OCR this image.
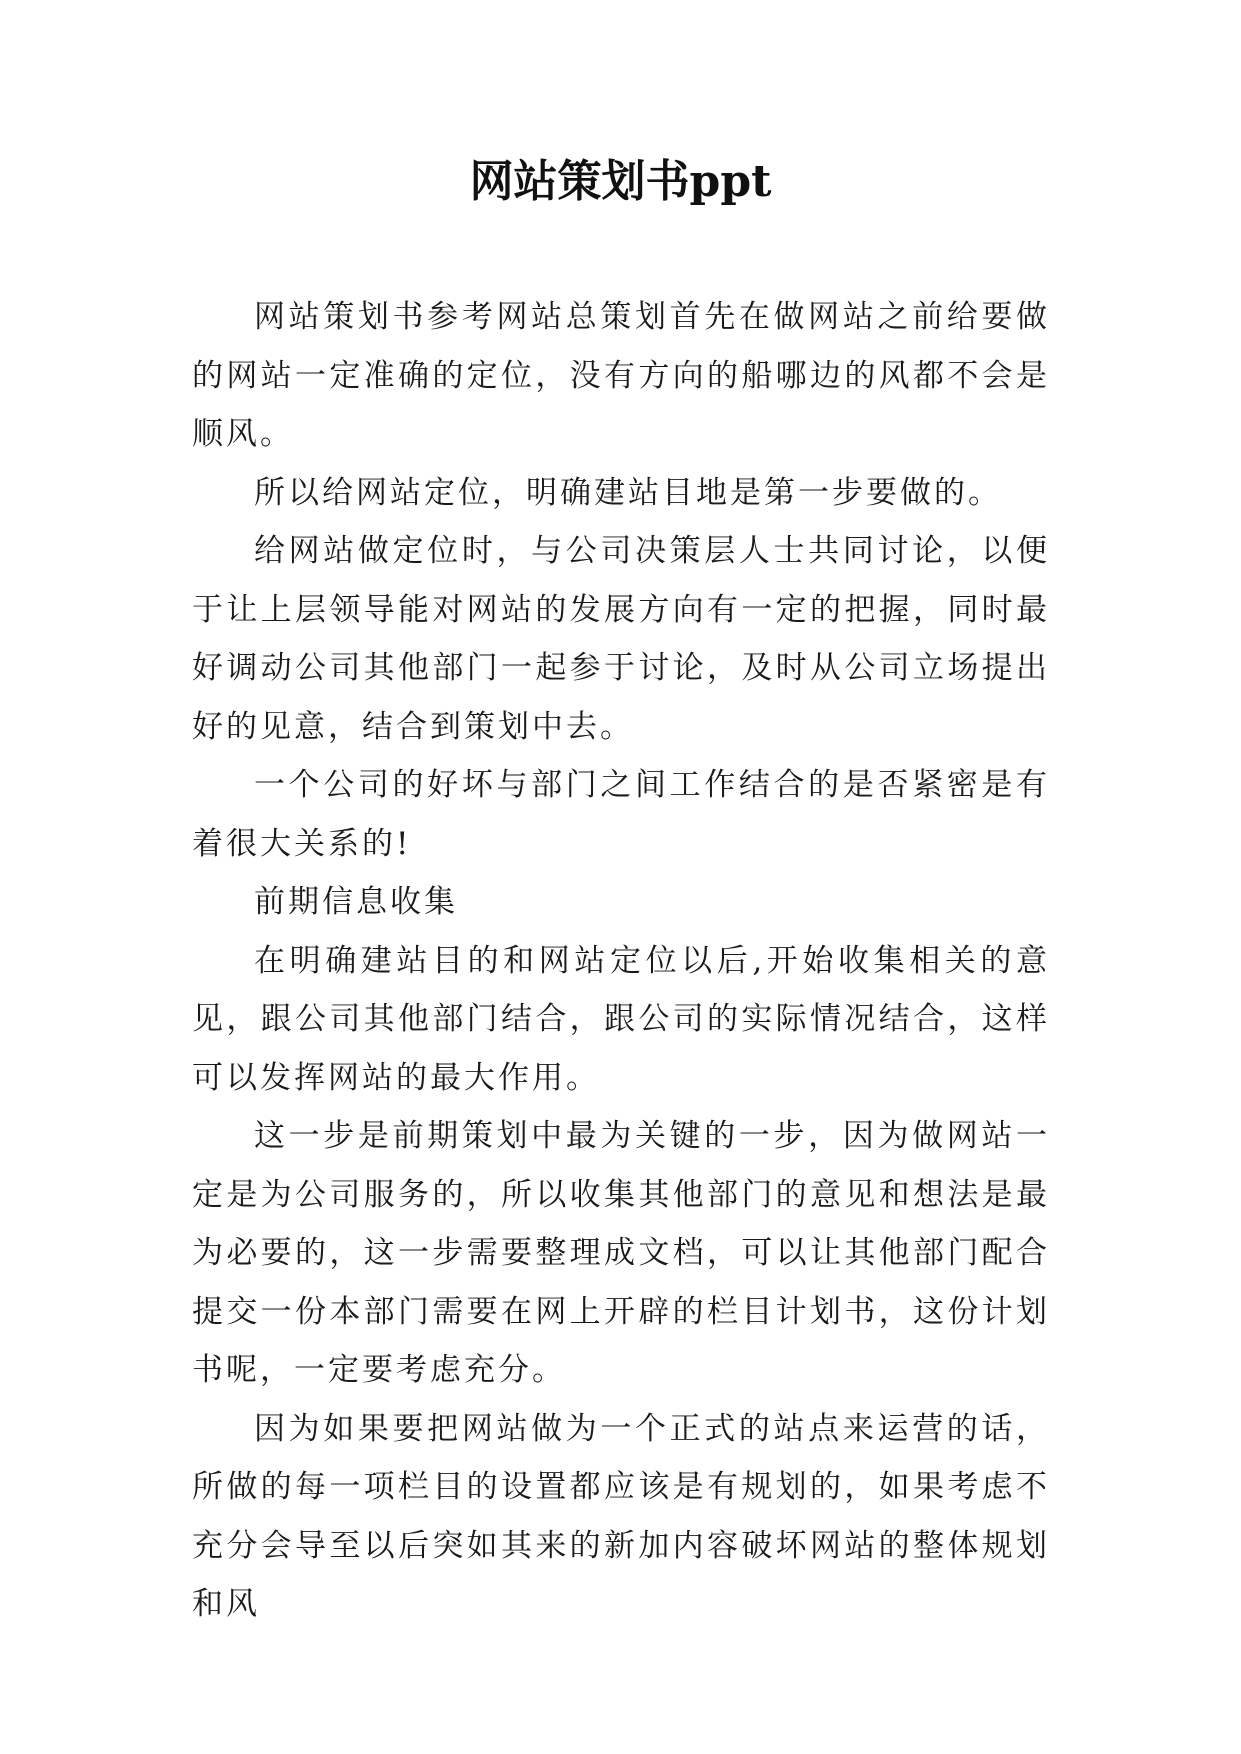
网站策划书ppt

网站策划书参考网站总策划首先在做网站之前给要做的网站一定准确的定位，没有方向的船哪边的风都不会是顺风。

所以给网站定位，明确建站目地是第一步要做的。

给网站做定位时，与公司决策层人士共同讨论，以便于让上层领导能对网站的发展方向有一定的把握，同时最好调动公司其他部门一起参于讨论，及时从公司立场提出好的见意，结合到策划中去。

一个公司的好坏与部门之间工作结合的是否紧密是有着很大关系的!

前期信息收集

在明确建站目的和网站定位以后,开始收集相关的意见，跟公司其他部门结合，跟公司的实际情况结合，这样可以发挥网站的最大作用。

这一步是前期策划中最为关键的一步，因为做网站一定是为公司服务的，所以收集其他部门的意见和想法是最为必要的，这一步需要整理成文档，可以让其他部门配合提交一份本部门需要在网上开辟的栏目计划书，这份计划书呢，一定要考虑充分。

因为如果要把网站做为一个正式的站点来运营的话，所做的每一项栏目的设置都应该是有规划的，如果考虑不充分会导至以后突如其来的新加内容破坏网站的整体规划和风
